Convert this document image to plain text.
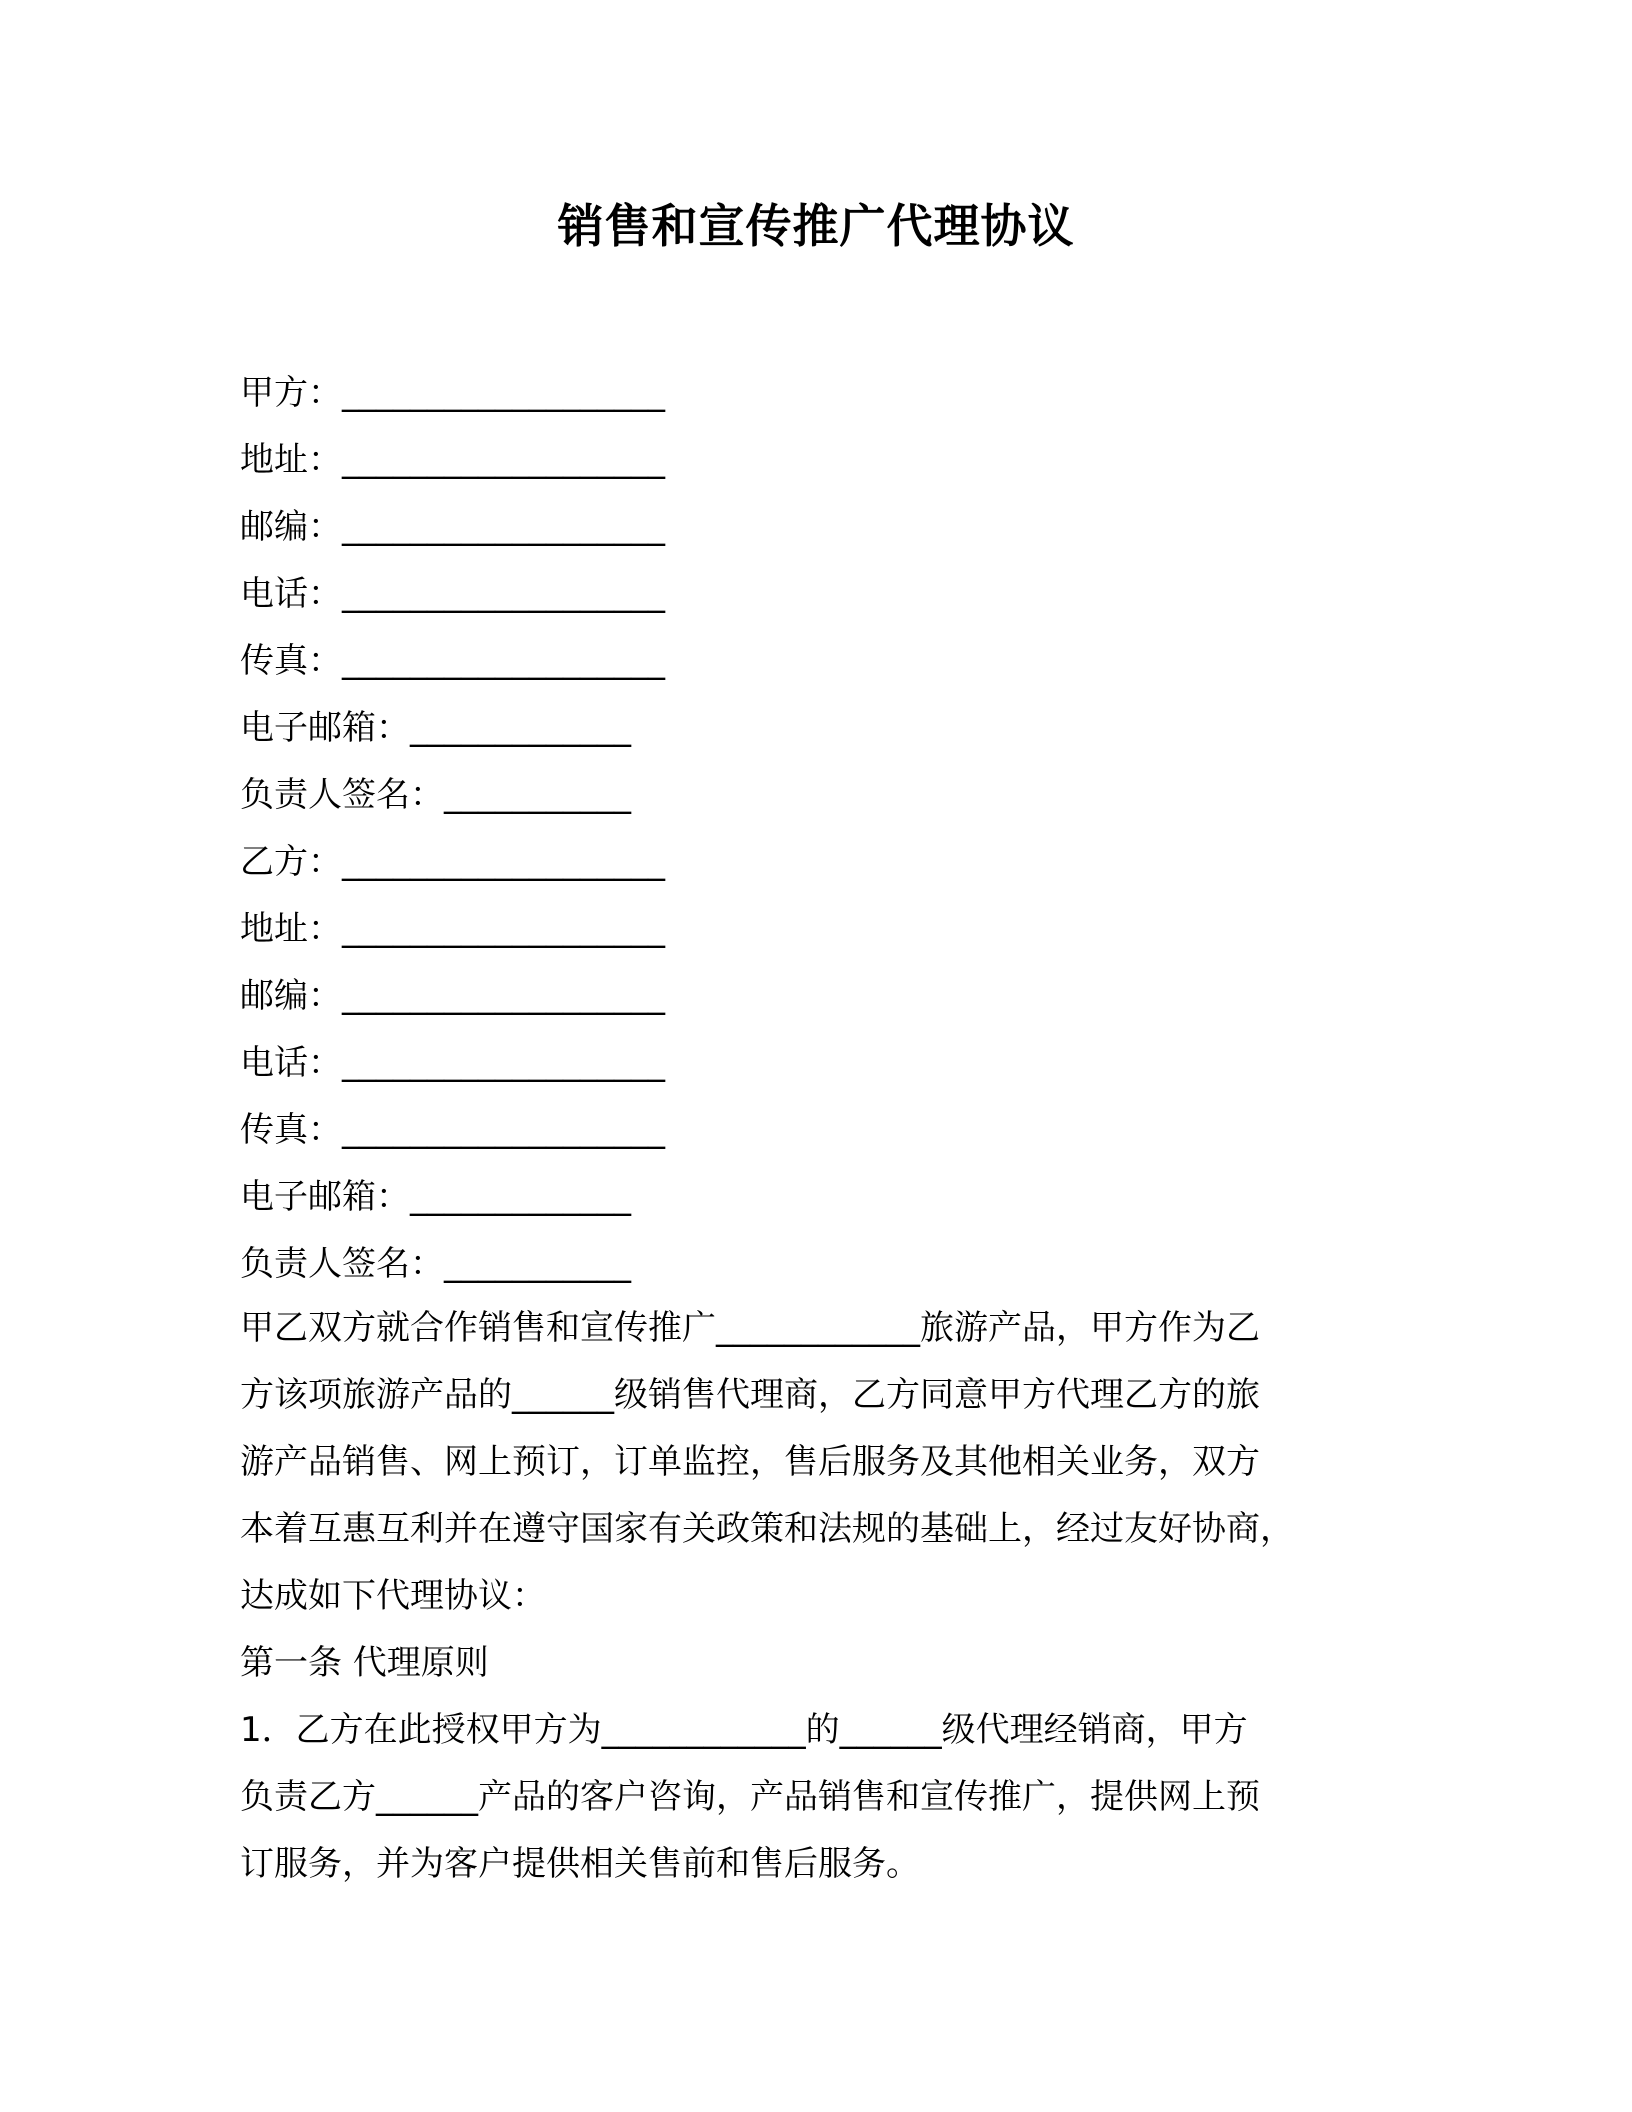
销售和宣传推广代理协议
甲方：___________________
地址：___________________
邮编：___________________
电话：___________________
传真：___________________
电子邮箱：_____________
负责人签名：___________
乙方：___________________
地址：___________________
邮编：___________________
电话：___________________
传真：___________________
电子邮箱：_____________
负责人签名：___________
甲乙双方就合作销售和宣传推广____________旅游产品，甲方作为乙
方该项旅游产品的______级销售代理商，乙方同意甲方代理乙方的旅
游产品销售、网上预订，订单监控，售后服务及其他相关业务，双方
本着互惠互利并在遵守国家有关政策和法规的基础上，经过友好协商，
达成如下代理协议：
第一条 代理原则
1．乙方在此授权甲方为____________的______级代理经销商，甲方
负责乙方______产品的客户咨询，产品销售和宣传推广，提供网上预
订服务，并为客户提供相关售前和售后服务。
